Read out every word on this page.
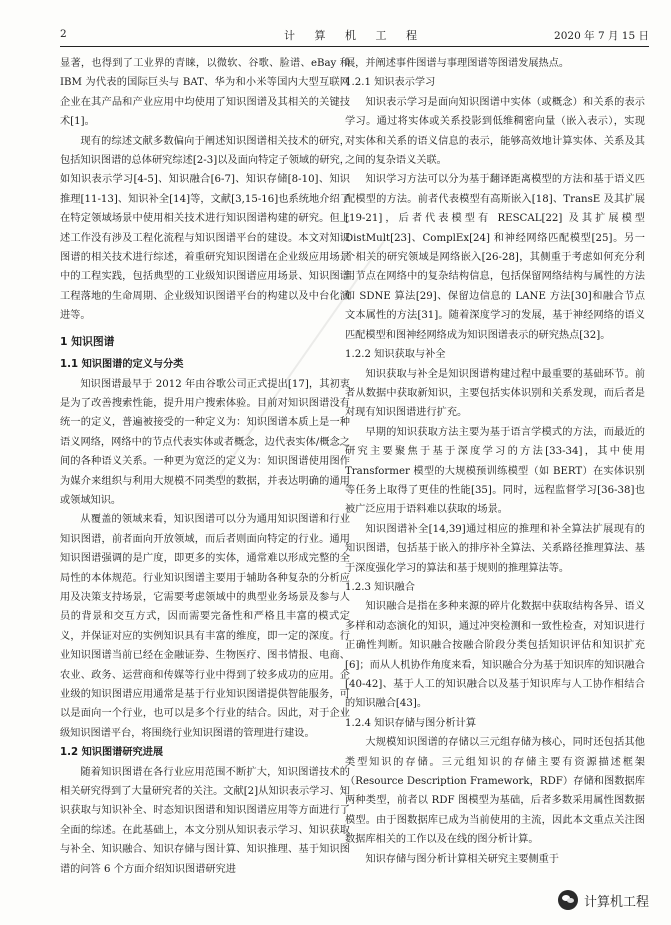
2	计 算 机 工 程	2020 年 7 月 15 日

显著，也得到了工业界的青睐，以微软、谷歌、脸谱、eBay 和 IBM 为代表的国际巨头与 BAT、华为和小米等国内大型互联网企业在其产品和产业应用中均使用了知识图谱及其相关的关键技术[1]。

现有的综述文献多数偏向于阐述知识图谱相关技术的研究，包括知识图谱的总体研究综述[2-3]以及面向特定子领域的研究，如知识表示学习[4-5]、知识融合[6-7]、知识存储[8-10]、知识推理[11-13]、知识补全[14]等，文献[3,15-16]也系统地介绍了在特定领域场景中使用相关技术进行知识图谱构建的研究。但上述工作没有涉及工程化流程与知识图谱平台的建设。本文对知识图谱的相关技术进行综述，着重研究知识图谱在企业级应用场景中的工程实践，包括典型的工业级知识图谱应用场景、知识图谱工程落地的生命周期、企业级知识图谱平台的构建以及中台化演进等。

1 知识图谱
1.1 知识图谱的定义与分类

知识图谱最早于 2012 年由谷歌公司正式提出[17]，其初衷是为了改善搜索性能，提升用户搜索体验。目前对知识图谱没有统一的定义，普遍被接受的一种定义为：知识图谱本质上是一种语义网络，网络中的节点代表实体或者概念，边代表实体/概念之间的各种语义关系。一种更为宽泛的定义为：知识图谱使用图作为媒介来组织与利用大规模不同类型的数据，并表达明确的通用或领域知识。

从覆盖的领域来看，知识图谱可以分为通用知识图谱和行业知识图谱，前者面向开放领域，而后者则面向特定的行业。通用知识图谱强调的是广度，即更多的实体，通常难以形成完整的全局性的本体规范。行业知识图谱主要用于辅助各种复杂的分析应用及决策支持场景，它需要考虑领域中的典型业务场景及参与人员的背景和交互方式，因而需要完备性和严格且丰富的模式定义，并保证对应的实例知识具有丰富的维度，即一定的深度。行业知识图谱当前已经在金融证券、生物医疗、图书情报、电商、农业、政务、运营商和传媒等行业中得到了较多成功的应用。企业级的知识图谱应用通常是基于行业知识图谱提供智能服务，可以是面向一个行业，也可以是多个行业的结合。因此，对于企业级知识图谱平台，将围绕行业知识图谱的管理进行建设。

1.2 知识图谱研究进展

随着知识图谱在各行业应用范围不断扩大，知识图谱技术的相关研究得到了大量研究者的关注。文献[2]从知识表示学习、知识获取与知识补全、时态知识图谱和知识图谱应用等方面进行了全面的综述。在此基础上，本文分别从知识表示学习、知识获取与补全、知识融合、知识存储与图计算、知识推理、基于知识图谱的问答 6 个方面介绍知识图谱研究进

展，并阐述事件图谱与事理图谱等图谱发展热点。

1.2.1 知识表示学习

知识表示学习是面向知识图谱中实体（或概念）和关系的表示学习。通过将实体或关系投影到低维稠密向量（嵌入表示），实现对实体和关系的语义信息的表示，能够高效地计算实体、关系及其之间的复杂语义关联。

知识学习方法可以分为基于翻译距离模型的方法和基于语义匹配模型的方法。前者代表模型有高斯嵌入[18]、TransE 及其扩展[19-21]，后者代表模型有 RESCAL[22] 及其扩展模型 DistMult[23]、ComplEx[24] 和神经网络匹配模型[25]。另一个相关的研究领域是网络嵌入[26-28]，其侧重于考虑如何充分利用节点在网络中的复杂结构信息，包括保留网络结构与属性的方法如 SDNE 算法[29]、保留边信息的 LANE 方法[30]和融合节点文本属性的方法[31]。随着深度学习的发展，基于神经网络的语义匹配模型和图神经网络成为知识图谱表示的研究热点[32]。

1.2.2 知识获取与补全

知识获取与补全是知识图谱构建过程中最重要的基础环节。前者从数据中获取新知识，主要包括实体识别和关系发现，而后者是对现有知识图谱进行扩充。

早期的知识获取方法主要为基于语言学模式的方法，而最近的研究主要聚焦于基于深度学习的方法[33-34]，其中使用 Transformer 模型的大规模预训练模型（如 BERT）在实体识别等任务上取得了更佳的性能[35]。同时，远程监督学习[36-38]也被广泛应用于语料难以获取的场景。

知识图谱补全[14,39]通过相应的推理和补全算法扩展现有的知识图谱，包括基于嵌入的排序补全算法、关系路径推理算法、基于深度强化学习的算法和基于规则的推理算法等。

1.2.3 知识融合

知识融合是指在多种来源的碎片化数据中获取结构各异、语义多样和动态演化的知识，通过冲突检测和一致性检查，对知识进行正确性判断。知识融合按融合阶段分类包括知识评估和知识扩充[6]；而从人机协作角度来看，知识融合分为基于知识库的知识融合[40-42]、基于人工的知识融合以及基于知识库与人工协作相结合的知识融合[43]。

1.2.4 知识存储与图分析计算

大规模知识图谱的存储以三元组存储为核心，同时还包括其他类型知识的存储。三元组知识的存储主要有资源描述框架（Resource Description Framework，RDF）存储和图数据库两种类型，前者以 RDF 图模型为基础，后者多数采用属性图数据模型。由于图数据库已成为当前使用的主流，因此本文重点关注图数据库相关的工作以及在线的图分析计算。

知识存储与图分析计算相关研究主要侧重于

计算机工程
